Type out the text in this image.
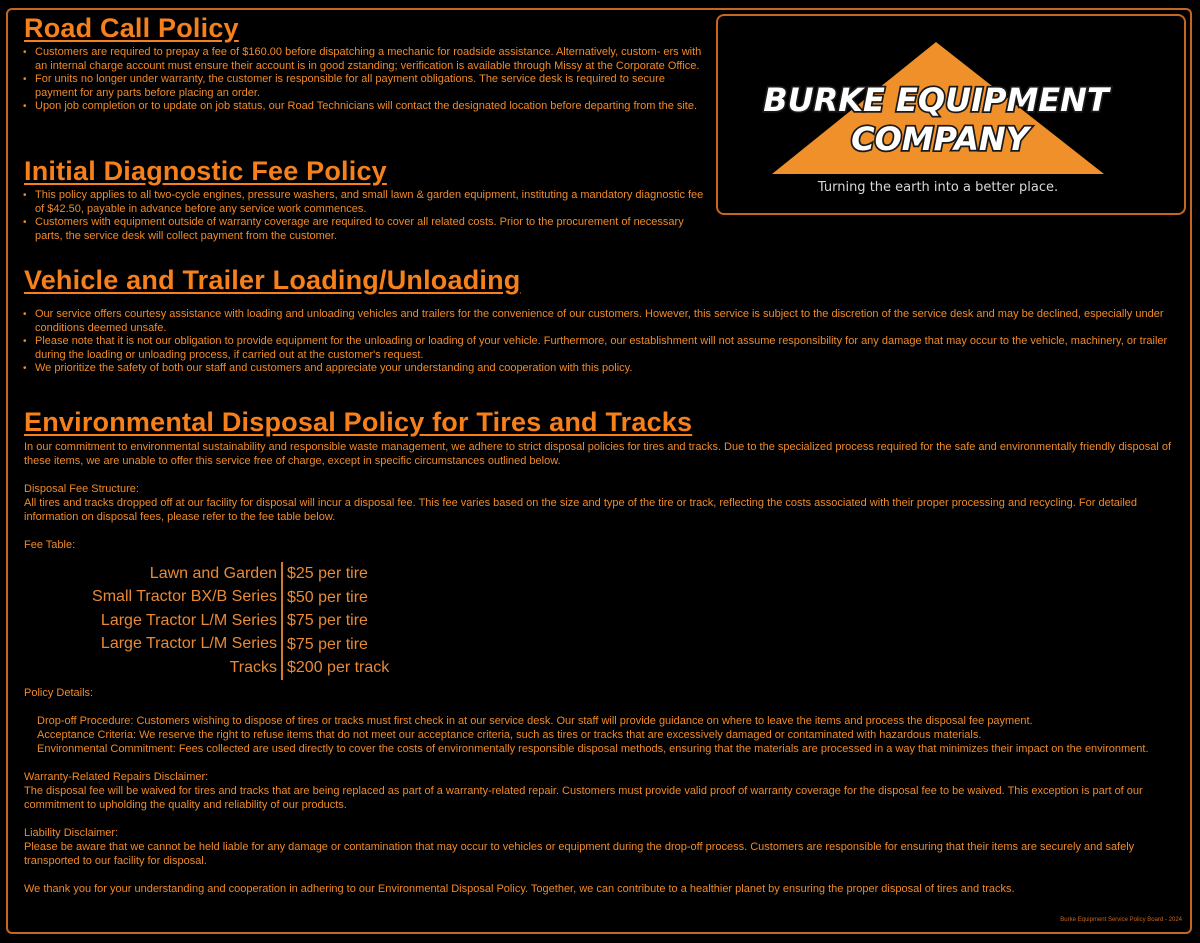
BURKE EQUIPMENT
COMPANY
Turning the earth into a better place.
Road Call Policy
• Customers are required to prepay a fee of $160.00 before dispatching a mechanic for roadside assistance. Alternatively, custom- ers with an internal charge account must ensure their account is in good zstanding; verification is available through Missy at the Corporate Office.
• For units no longer under warranty, the customer is responsible for all payment obligations. The service desk is required to secure payment for any parts before placing an order.
• Upon job completion or to update on job status, our Road Technicians will contact the designated location before departing from the site.
Initial Diagnostic Fee Policy
• This policy applies to all two-cycle engines, pressure washers, and small lawn & garden equipment, instituting a mandatory diagnostic fee of $42.50, payable in advance before any service work commences.
• Customers with equipment outside of warranty coverage are required to cover all related costs. Prior to the procurement of necessary parts, the service desk will collect payment from the customer.
Vehicle and Trailer Loading/Unloading
• Our service offers courtesy assistance with loading and unloading vehicles and trailers for the convenience of our customers. However, this service is subject to the discretion of the service desk and may be declined, especially under conditions deemed unsafe.
• Please note that it is not our obligation to provide equipment for the unloading or loading of your vehicle. Furthermore, our establishment will not assume responsibility for any damage that may occur to the vehicle, machinery, or trailer during the loading or unloading process, if carried out at the customer's request.
• We prioritize the safety of both our staff and customers and appreciate your understanding and cooperation with this policy.
Environmental Disposal Policy for Tires and Tracks

In our commitment to environmental sustainability and responsible waste management, we adhere to strict disposal policies for tires and tracks. Due to the specialized process required for the safe and environmentally friendly disposal of these items, we are unable to offer this service free of charge, except in specific circumstances outlined below.

Disposal Fee Structure:

All tires and tracks dropped off at our facility for disposal will incur a disposal fee. This fee varies based on the size and type of the tire or track, reflecting the costs associated with their proper processing and recycling. For detailed information on disposal fees, please refer to the fee table below.

Fee Table:

Lawn and Garden $25 per tire
Small Tractor BX/B Series $50 per tire
Large Tractor L/M Series $75 per tire
Large Tractor L/M Series $75 per tire
Tracks $200 per track

Policy Details:

Drop-off Procedure: Customers wishing to dispose of tires or tracks must first check in at our service desk. Our staff will provide guidance on where to leave the items and process the disposal fee payment.

Acceptance Criteria: We reserve the right to refuse items that do not meet our acceptance criteria, such as tires or tracks that are excessively damaged or contaminated with hazardous materials.

Environmental Commitment: Fees collected are used directly to cover the costs of environmentally responsible disposal methods, ensuring that the materials are processed in a way that minimizes their impact on the environment.

Warranty-Related Repairs Disclaimer:

The disposal fee will be waived for tires and tracks that are being replaced as part of a warranty-related repair. Customers must provide valid proof of warranty coverage for the disposal fee to be waived. This exception is part of our commitment to upholding the quality and reliability of our products.

Liability Disclaimer:

Please be aware that we cannot be held liable for any damage or contamination that may occur to vehicles or equipment during the drop-off process. Customers are responsible for ensuring that their items are securely and safely transported to our facility for disposal.

We thank you for your understanding and cooperation in adhering to our Environmental Disposal Policy. Together, we can contribute to a healthier planet by ensuring the proper disposal of tires and tracks.

Burke Equipment Service Policy Board - 2024
